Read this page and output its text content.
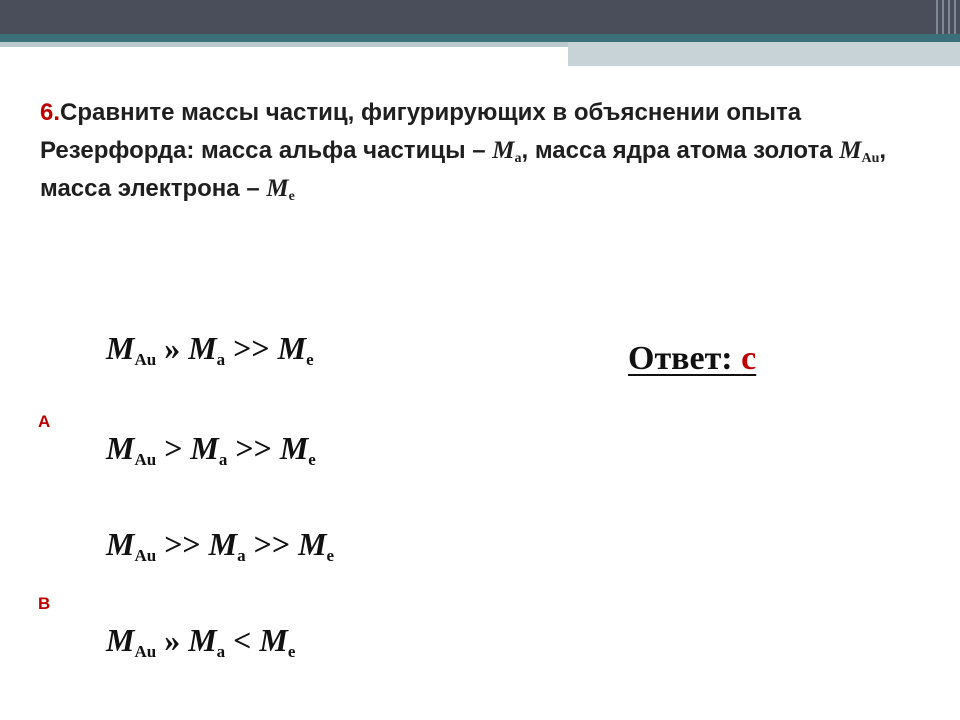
6.Сравните массы частиц, фигурирующих в объяснении опыта Резерфорда: масса альфа частицы – $M_a$, масса ядра атома золота $M_{Au}$, масса электрона – $M_e$

$M_{Au}$ » $M_a >> M_e$
А
$M_{Au} > M_a >> M_e$
$M_{Au} >> M_a >> M_e$
В
$M_{Au}$ » $M_a < M_e$
Ответ: с
